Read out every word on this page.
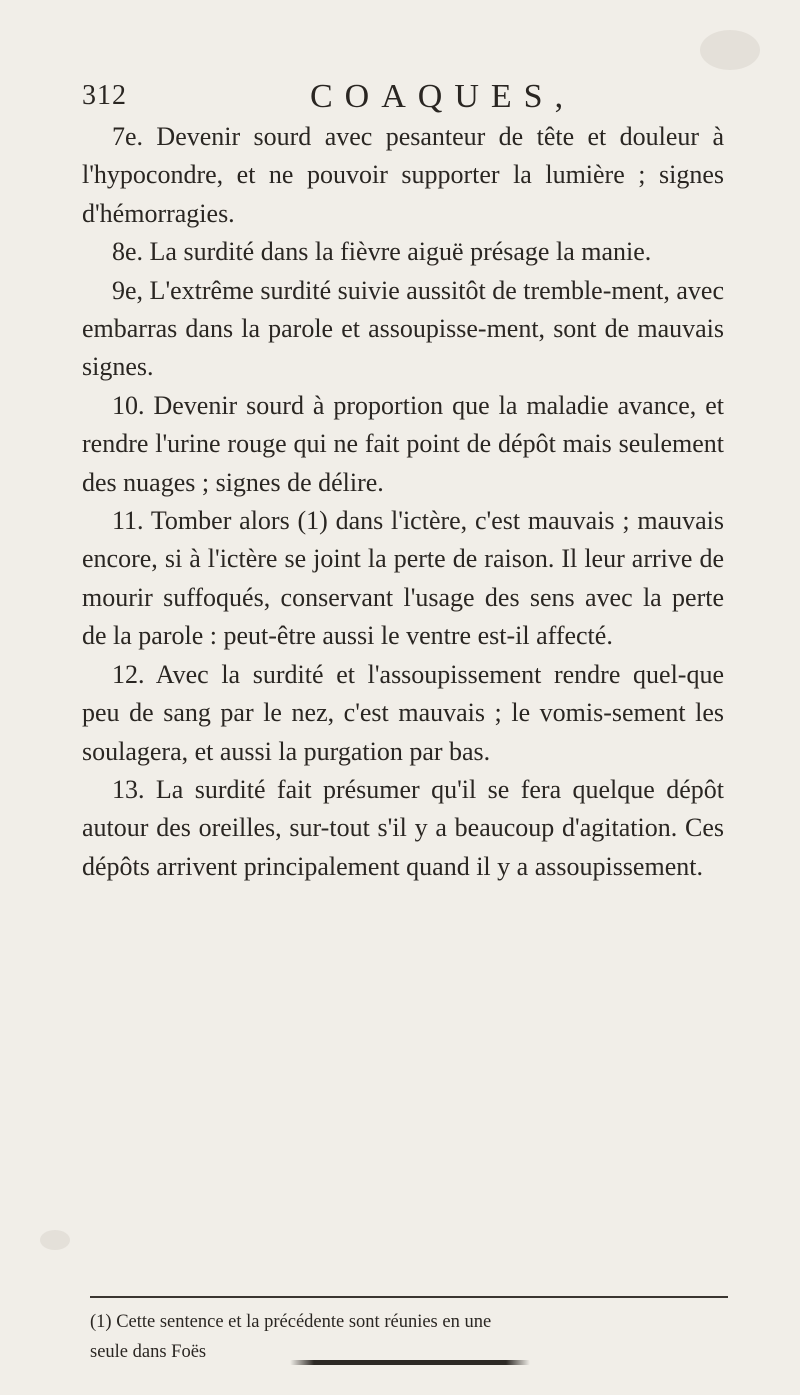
312	COAQUES,

7e. Devenir sourd avec pesanteur de tête et douleur à l'hypocondre, et ne pouvoir supporter la lumière ; signes d'hémorragies.

8e. La surdité dans la fièvre aiguë présage la manie.

9e, L'extrême surdité suivie aussitôt de tremble-ment, avec embarras dans la parole et assoupisse-ment, sont de mauvais signes.

10. Devenir sourd à proportion que la maladie avance, et rendre l'urine rouge qui ne fait point de dépôt mais seulement des nuages ; signes de délire.

11. Tomber alors (1) dans l'ictère, c'est mauvais ; mauvais encore, si à l'ictère se joint la perte de raison. Il leur arrive de mourir suffoqués, conservant l'usage des sens avec la perte de la parole : peut-être aussi le ventre est-il affecté.

12. Avec la surdité et l'assoupissement rendre quel-que peu de sang par le nez, c'est mauvais ; le vomis-sement les soulagera, et aussi la purgation par bas.

13. La surdité fait présumer qu'il se fera quelque dépôt autour des oreilles, sur-tout s'il y a beaucoup d'agitation. Ces dépôts arrivent principalement quand il y a assoupissement.

(1) Cette sentence et la précédente sont réunies en une

seule dans Foës
